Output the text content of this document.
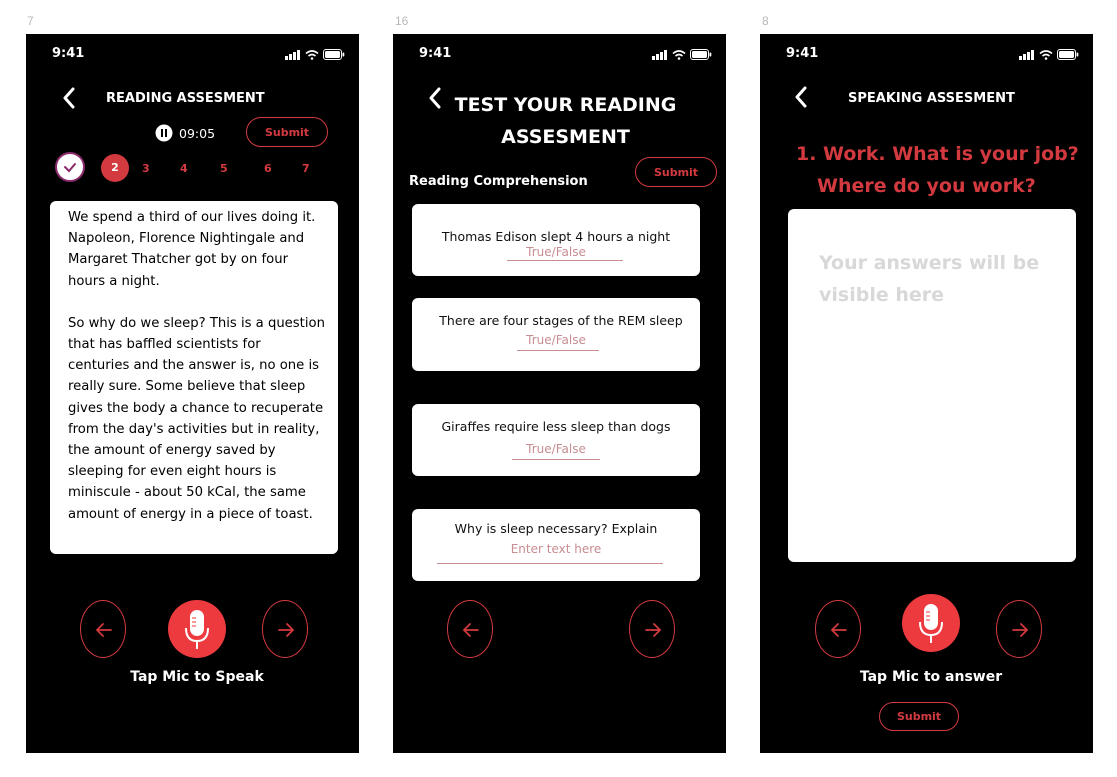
7	16	8
9:41
READING ASSESMENT
09:05	Submit
2	3	4	5	6	7

We spend a third of our lives doing it. Napoleon, Florence Nightingale and Margaret Thatcher got by on four hours a night.

So why do we sleep? This is a question that has baffled scientists for centuries and the answer is, no one is really sure. Some believe that sleep gives the body a chance to recuperate from the day's activities but in reality, the amount of energy saved by sleeping for even eight hours is miniscule - about 50 kCal, the same amount of energy in a piece of toast.

Tap Mic to Speak
9:41
TEST YOUR READING
ASSESMENT
Reading Comprehension
Submit
Thomas Edison slept 4 hours a night
True/False
There are four stages of the REM sleep
True/False
Giraffes require less sleep than dogs
True/False
Why is sleep necessary? Explain
Enter text here
9:41
SPEAKING ASSESMENT
1. Work. What is your job?
Where do you work?
Your answers will be visible here
Tap Mic to answer
Submit
